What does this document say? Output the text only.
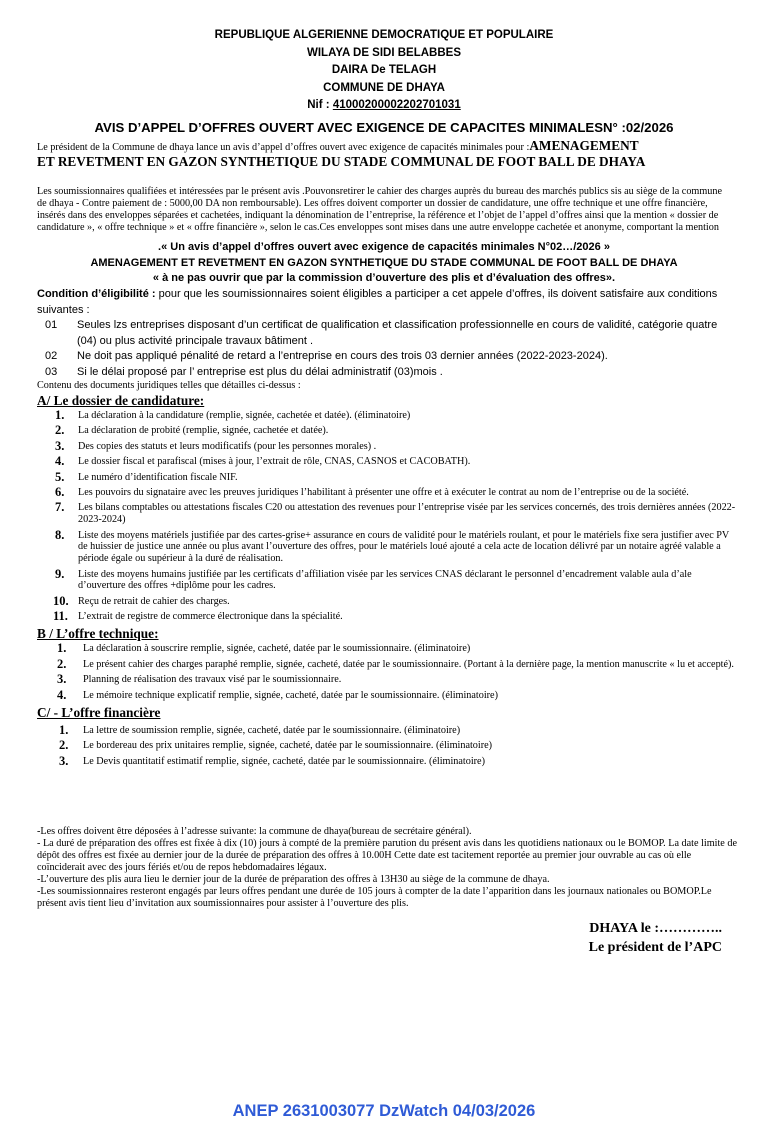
REPUBLIQUE ALGERIENNE DEMOCRATIQUE ET POPULAIRE
WILAYA DE SIDI BELABBES
DAIRA De TELAGH
COMMUNE DE DHAYA
Nif : 41000200002202701031
AVIS D’APPEL D’OFFRES OUVERT AVEC EXIGENCE DE CAPACITES MINIMALESN° :02/2026
Le président de la Commune de dhaya lance un avis d’appel d’offres ouvert avec exigence de capacités minimales pour :AMENAGEMENT
ET REVETMENT EN GAZON SYNTHETIQUE DU STADE COMMUNAL DE FOOT BALL DE DHAYA
Les soumissionnaires qualifiées et intéressées par le présent avis .Pouvonsretirer le cahier des charges auprès du bureau des marchés publics sis au siège de la commune de dhaya - Contre paiement de : 5000,00 DA non remboursable). Les offres doivent comporter un dossier de candidature, une offre technique et une offre financière, insérés dans des enveloppes séparées et cachetées, indiquant la dénomination de l’entreprise, la référence et l’objet de l’appel d’offres ainsi que la mention « dossier de candidature », « offre technique » et « offre financière », selon le cas.Ces enveloppes sont mises dans une autre enveloppe cachetée et anonyme, comportant la mention
.« Un avis d’appel d’offres ouvert avec exigence de capacités minimales N°02…/2026 »
AMENAGEMENT ET REVETMENT EN GAZON SYNTHETIQUE DU STADE COMMUNAL DE FOOT BALL DE DHAYA
« à ne pas ouvrir que par la commission d’ouverture des plis et d’évaluation des offres».
Condition d’éligibilité : pour que les soumissionnaires soient éligibles a participer a cet appele d’offres, ils doivent satisfaire aux conditions suivantes :
01 Seules lzs entreprises disposant d’un certificat de qualification et classification professionnelle en cours de validité, catégorie quatre (04) ou plus activité principale travaux bâtiment .
02 Ne doit pas appliqué pénalité de retard a l’entreprise en cours des trois 03 dernier années (2022-2023-2024).
03 Si le délai proposé par l’ entreprise est plus du délai administratif (03)mois .
Contenu des documents juridiques telles que détailles ci-dessus :
A/ Le dossier de candidature:
1. La déclaration à la candidature (remplie, signée, cachetée et datée). (éliminatoire)
2. La déclaration de probité (remplie, signée, cachetée et datée).
3. Des copies des statuts et leurs modificatifs (pour les personnes morales) .
4. Le dossier fiscal et parafiscal (mises à jour, l’extrait de rôle, CNAS, CASNOS et CACOBATH).
5. Le numéro d’identification fiscale NIF.
6. Les pouvoirs du signataire avec les preuves juridiques l’habilitant à présenter une offre et à exécuter le contrat au nom de l’entreprise ou de la société.
7. Les bilans comptables ou attestations fiscales C20 ou attestation des revenues pour l’entreprise visée par les services concernés, des trois dernières années (2022-2023-2024)
8. Liste des moyens matériels justifiée par des cartes-grise+ assurance en cours de validité pour le matériels roulant, et pour le matériels fixe sera justifier avec PV de huissier de justice une année ou plus avant l’ouverture des offres, pour le matériels loué ajouté a cela acte de location délivré par un notaire agréé valable a période égale ou supérieur à la duré de réalisation.
9. Liste des moyens humains justifiée par les certificats d’affiliation visée par les services CNAS déclarant le personnel d’encadrement valable aula d’ale d’ouverture des offres +diplôme pour les cadres.
10. Reçu de retrait de cahier des charges.
11. L’extrait de registre de commerce électronique dans la spécialité.
B / L’offre technique:
1. La déclaration à souscrire remplie, signée, cacheté, datée par le soumissionnaire. (éliminatoire)
2. Le présent cahier des charges paraphé remplie, signée, cacheté, datée par le soumissionnaire. (Portant à la dernière page, la mention manuscrite « lu et accepté).
3. Planning de réalisation des travaux visé par le soumissionnaire.
4. Le mémoire technique explicatif remplie, signée, cacheté, datée par le soumissionnaire. (éliminatoire)
C/ - L’offre financière
1. La lettre de soumission remplie, signée, cacheté, datée par le soumissionnaire. (éliminatoire)
2. Le bordereau des prix unitaires remplie, signée, cacheté, datée par le soumissionnaire. (éliminatoire)
3. Le Devis quantitatif estimatif remplie, signée, cacheté, datée par le soumissionnaire. (éliminatoire)
-Les offres doivent être déposées à l’adresse suivante: la commune de dhaya(bureau de secrétaire général).
- La duré de préparation des offres est fixée à dix (10) jours à compté de la première parution du présent avis dans les quotidiens nationaux ou le BOMOP. La date limite de dépôt des offres est fixée au dernier jour de la durée de préparation des offres à 10.00H Cette date est tacitement reportée au premier jour ouvrable au cas où elle coïnciderait avec des jours fériés et/ou de repos hebdomadaires légaux.
-L’ouverture des plis aura lieu le dernier jour de la durée de préparation des offres à 13H30 au siège de la commune de dhaya.
-Les soumissionnaires resteront engagés par leurs offres pendant une durée de 105 jours à compter de la date l’apparition dans les journaux nationales ou BOMOP.Le présent avis tient lieu d’invitation aux soumissionnaires pour assister à l’ouverture des plis.
DHAYA le :…………..
Le président de l’APC
ANEP 2631003077 DzWatch 04/03/2026
